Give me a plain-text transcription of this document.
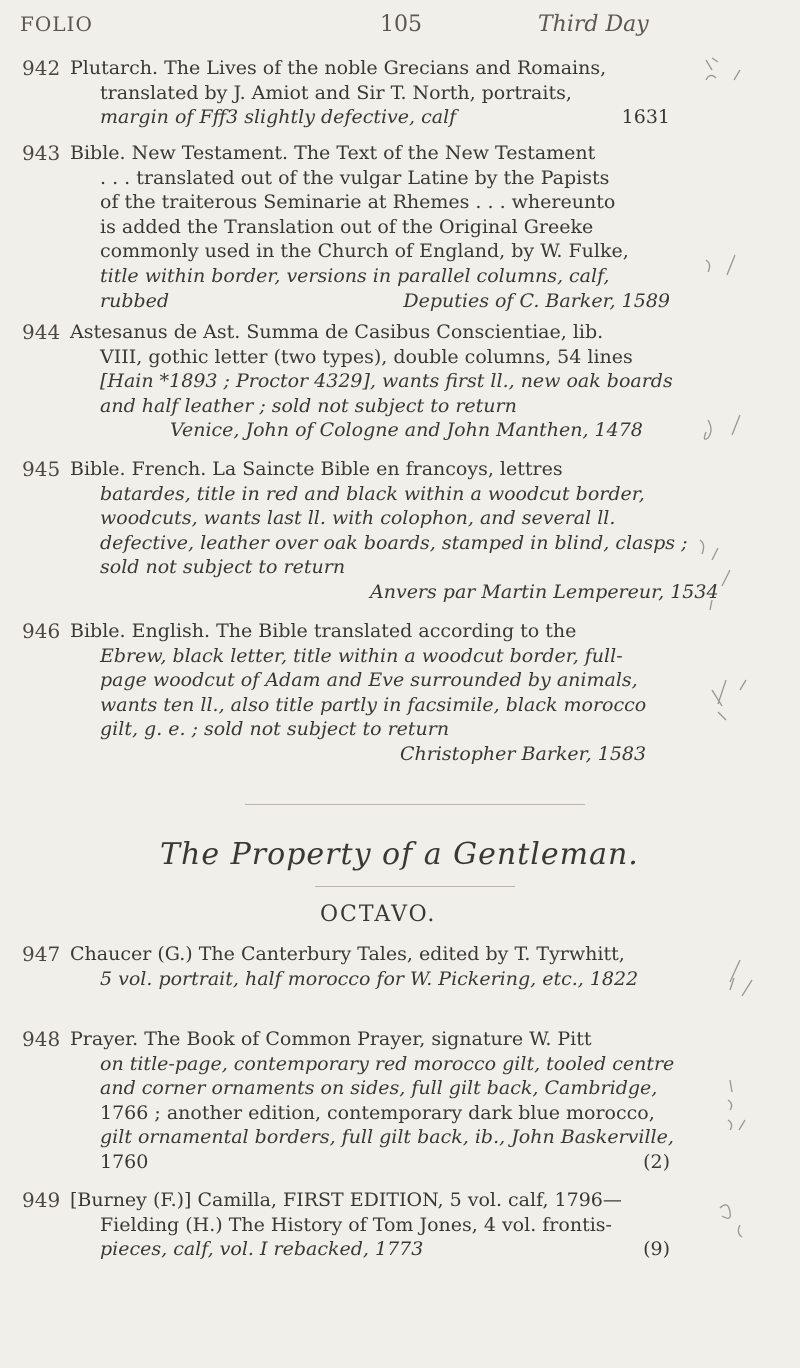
FOLIO	105	Third Day
942 Plutarch. The Lives of the noble Grecians and Romains,
translated by J. Amiot and Sir T. North, portraits,
margin of Fff3 slightly defective, calf	1631
943 Bible. New Testament. The Text of the New Testament
. . . translated out of the vulgar Latine by the Papists
of the traiterous Seminarie at Rhemes . . . whereunto
is added the Translation out of the Original Greeke
commonly used in the Church of England, by W. Fulke,
title within border, versions in parallel columns, calf,
rubbed	Deputies of C. Barker, 1589
944 Astesanus de Ast. Summa de Casibus Conscientiae, lib.
VIII, gothic letter (two types), double columns, 54 lines
[Hain *1893 ; Proctor 4329], wants first ll., new oak boards
and half leather ; sold not subject to return
Venice, John of Cologne and John Manthen, 1478
945 Bible. French. La Saincte Bible en francoys, lettres
batardes, title in red and black within a woodcut border,
woodcuts, wants last ll. with colophon, and several ll.
defective, leather over oak boards, stamped in blind, clasps ;
sold not subject to return
Anvers par Martin Lempereur, 1534
946 Bible. English. The Bible translated according to the
Ebrew, black letter, title within a woodcut border, full-
page woodcut of Adam and Eve surrounded by animals,
wants ten ll., also title partly in facsimile, black morocco
gilt, g. e. ; sold not subject to return
Christopher Barker, 1583
The Property of a Gentleman.
OCTAVO.
947 Chaucer (G.) The Canterbury Tales, edited by T. Tyrwhitt,
5 vol. portrait, half morocco for W. Pickering, etc., 1822
948 Prayer. The Book of Common Prayer, signature W. Pitt
on title-page, contemporary red morocco gilt, tooled centre
and corner ornaments on sides, full gilt back, Cambridge,
1766 ; another edition, contemporary dark blue morocco,
gilt ornamental borders, full gilt back, ib., John Baskerville,
1760	(2)
949 [Burney (F.)] Camilla, FIRST EDITION, 5 vol. calf, 1796—
Fielding (H.) The History of Tom Jones, 4 vol. frontis-
pieces, calf, vol. I rebacked, 1773	(9)
